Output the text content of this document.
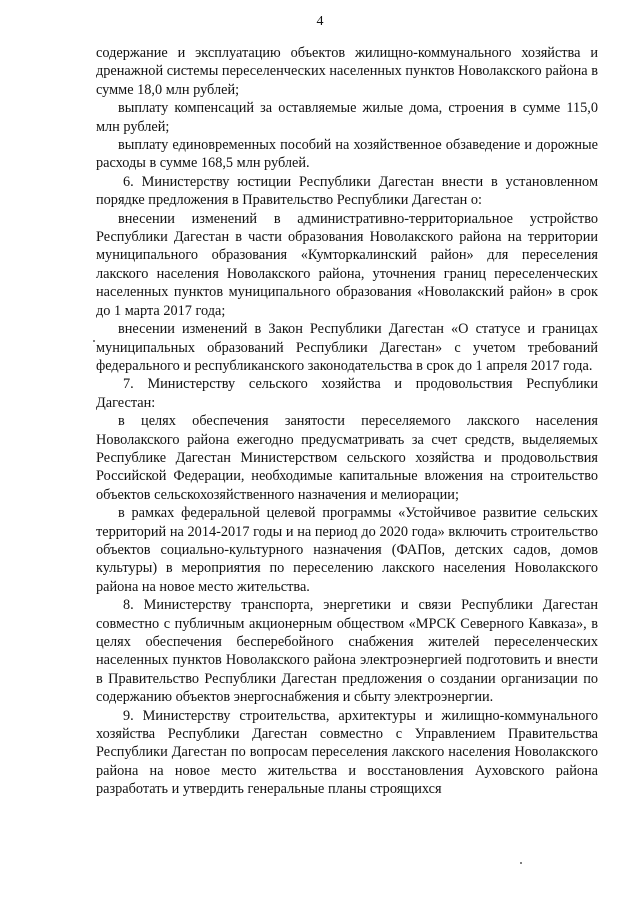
4

содержание и эксплуатацию объектов жилищно-коммунального хозяйства и дренажной системы переселенческих населенных пунктов Новолакского района в сумме 18,0 млн рублей;

выплату компенсаций за оставляемые жилые дома, строения в сумме 115,0 млн рублей;

выплату единовременных пособий на хозяйственное обзаведение и дорожные расходы в сумме 168,5 млн рублей.

6. Министерству юстиции Республики Дагестан внести в установленном порядке предложения в Правительство Республики Дагестан о:

внесении изменений в административно-территориальное устройство Республики Дагестан в части образования Новолакского района на территории муниципального образования «Кумторкалинский район» для переселения лакского населения Новолакского района, уточнения границ переселенческих населенных пунктов муниципального образования «Новолакский район» в срок до 1 марта 2017 года;

внесении изменений в Закон Республики Дагестан «О статусе и границах муниципальных образований Республики Дагестан» с учетом требований федерального и республиканского законодательства в срок до 1 апреля 2017 года.

7. Министерству сельского хозяйства и продовольствия Республики Дагестан:

в целях обеспечения занятости переселяемого лакского населения Новолакского района ежегодно предусматривать за счет средств, выделяемых Республике Дагестан Министерством сельского хозяйства и продовольствия Российской Федерации, необходимые капитальные вложения на строительство объектов сельскохозяйственного назначения и мелиорации;

в рамках федеральной целевой программы «Устойчивое развитие сельских территорий на 2014-2017 годы и на период до 2020 года» включить строительство объектов социально-культурного назначения (ФАПов, детских садов, домов культуры) в мероприятия по переселению лакского населения Новолакского района на новое место жительства.

8. Министерству транспорта, энергетики и связи Республики Дагестан совместно с публичным акционерным обществом «МРСК Северного Кавказа», в целях обеспечения бесперебойного снабжения жителей переселенческих населенных пунктов Новолакского района электроэнергией подготовить и внести в Правительство Республики Дагестан предложения о создании организации по содержанию объектов энергоснабжения и сбыту электроэнергии.

9. Министерству строительства, архитектуры и жилищно-коммунального хозяйства Республики Дагестан совместно с Управлением Правительства Республики Дагестан по вопросам переселения лакского населения Новолакского района на новое место жительства и восстановления Ауховского района разработать и утвердить генеральные планы строящихся
